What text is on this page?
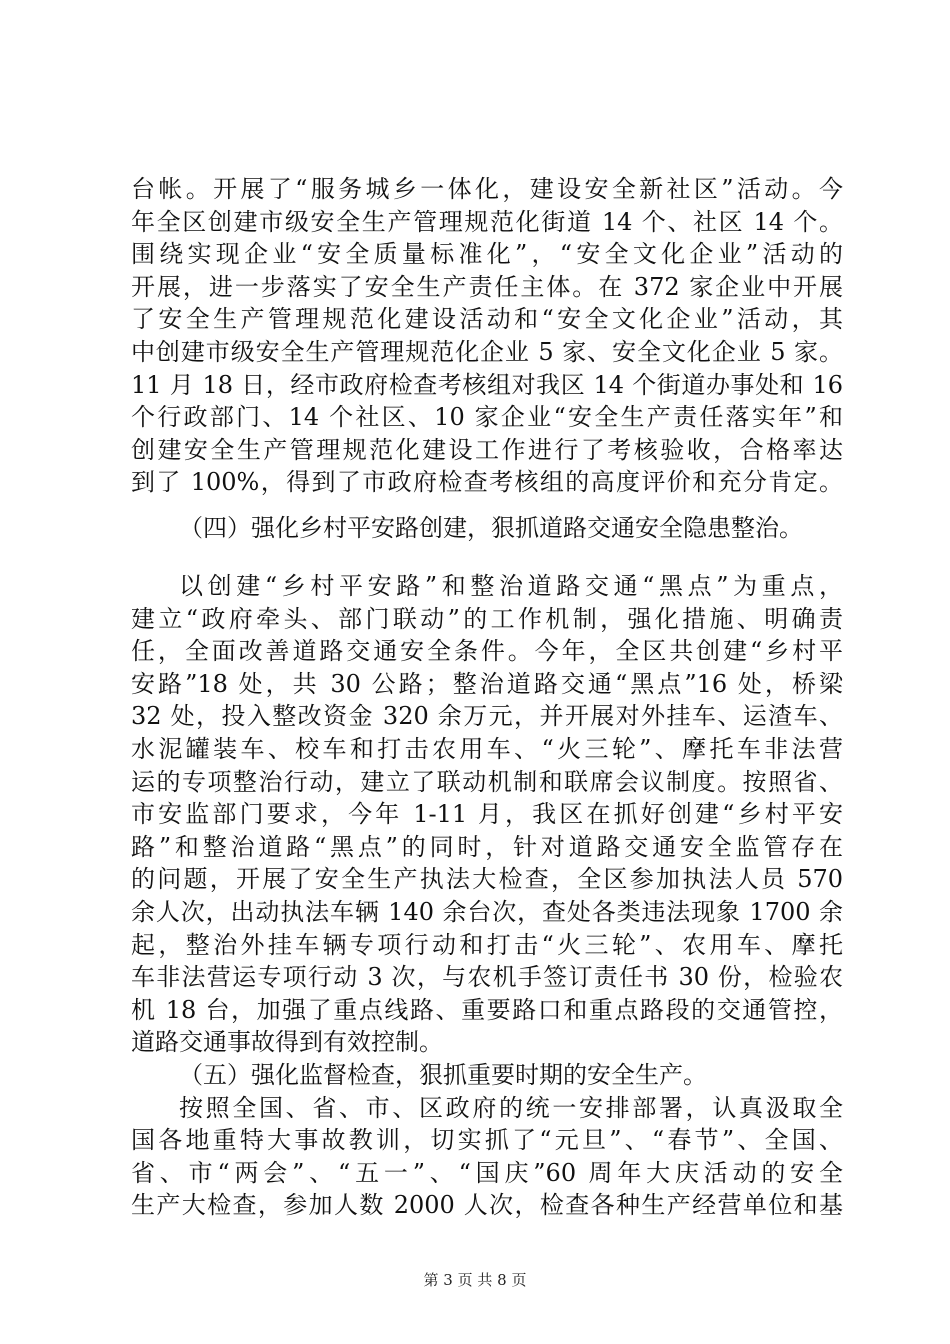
台帐。开展了“服务城乡一体化，建设安全新社区”活动。今
年全区创建市级安全生产管理规范化街道 14 个、社区 14 个。
围绕实现企业“安全质量标准化”，“安全文化企业”活动的
开展，进一步落实了安全生产责任主体。在 372 家企业中开展
了安全生产管理规范化建设活动和“安全文化企业”活动，其
中创建市级安全生产管理规范化企业 5 家、安全文化企业 5 家。
11 月 18 日，经市政府检查考核组对我区 14 个街道办事处和 16
个行政部门、14 个社区、10 家企业“安全生产责任落实年”和
创建安全生产管理规范化建设工作进行了考核验收，合格率达
到了 100%，得到了市政府检查考核组的高度评价和充分肯定。
（四）强化乡村平安路创建，狠抓道路交通安全隐患整治。
以创建“乡村平安路”和整治道路交通“黑点”为重点，
建立“政府牵头、部门联动”的工作机制，强化措施、明确责
任，全面改善道路交通安全条件。今年，全区共创建“乡村平
安路”18 处，共 30 公路；整治道路交通“黑点”16 处，桥梁
32 处，投入整改资金 320 余万元，并开展对外挂车、运渣车、
水泥罐装车、校车和打击农用车、“火三轮”、摩托车非法营
运的专项整治行动，建立了联动机制和联席会议制度。按照省、
市安监部门要求，今年 1-11 月，我区在抓好创建“乡村平安
路”和整治道路“黑点”的同时，针对道路交通安全监管存在
的问题，开展了安全生产执法大检查，全区参加执法人员 570
余人次，出动执法车辆 140 余台次，查处各类违法现象 1700 余
起，整治外挂车辆专项行动和打击“火三轮”、农用车、摩托
车非法营运专项行动 3 次，与农机手签订责任书 30 份，检验农
机 18 台，加强了重点线路、重要路口和重点路段的交通管控，
道路交通事故得到有效控制。
（五）强化监督检查，狠抓重要时期的安全生产。
按照全国、省、市、区政府的统一安排部署，认真汲取全
国各地重特大事故教训，切实抓了“元旦”、“春节”、全国、
省、市“两会”、“五一”、“国庆”60 周年大庆活动的安全
生产大检查，参加人数 2000 人次，检查各种生产经营单位和基
第 3 页 共 8 页
